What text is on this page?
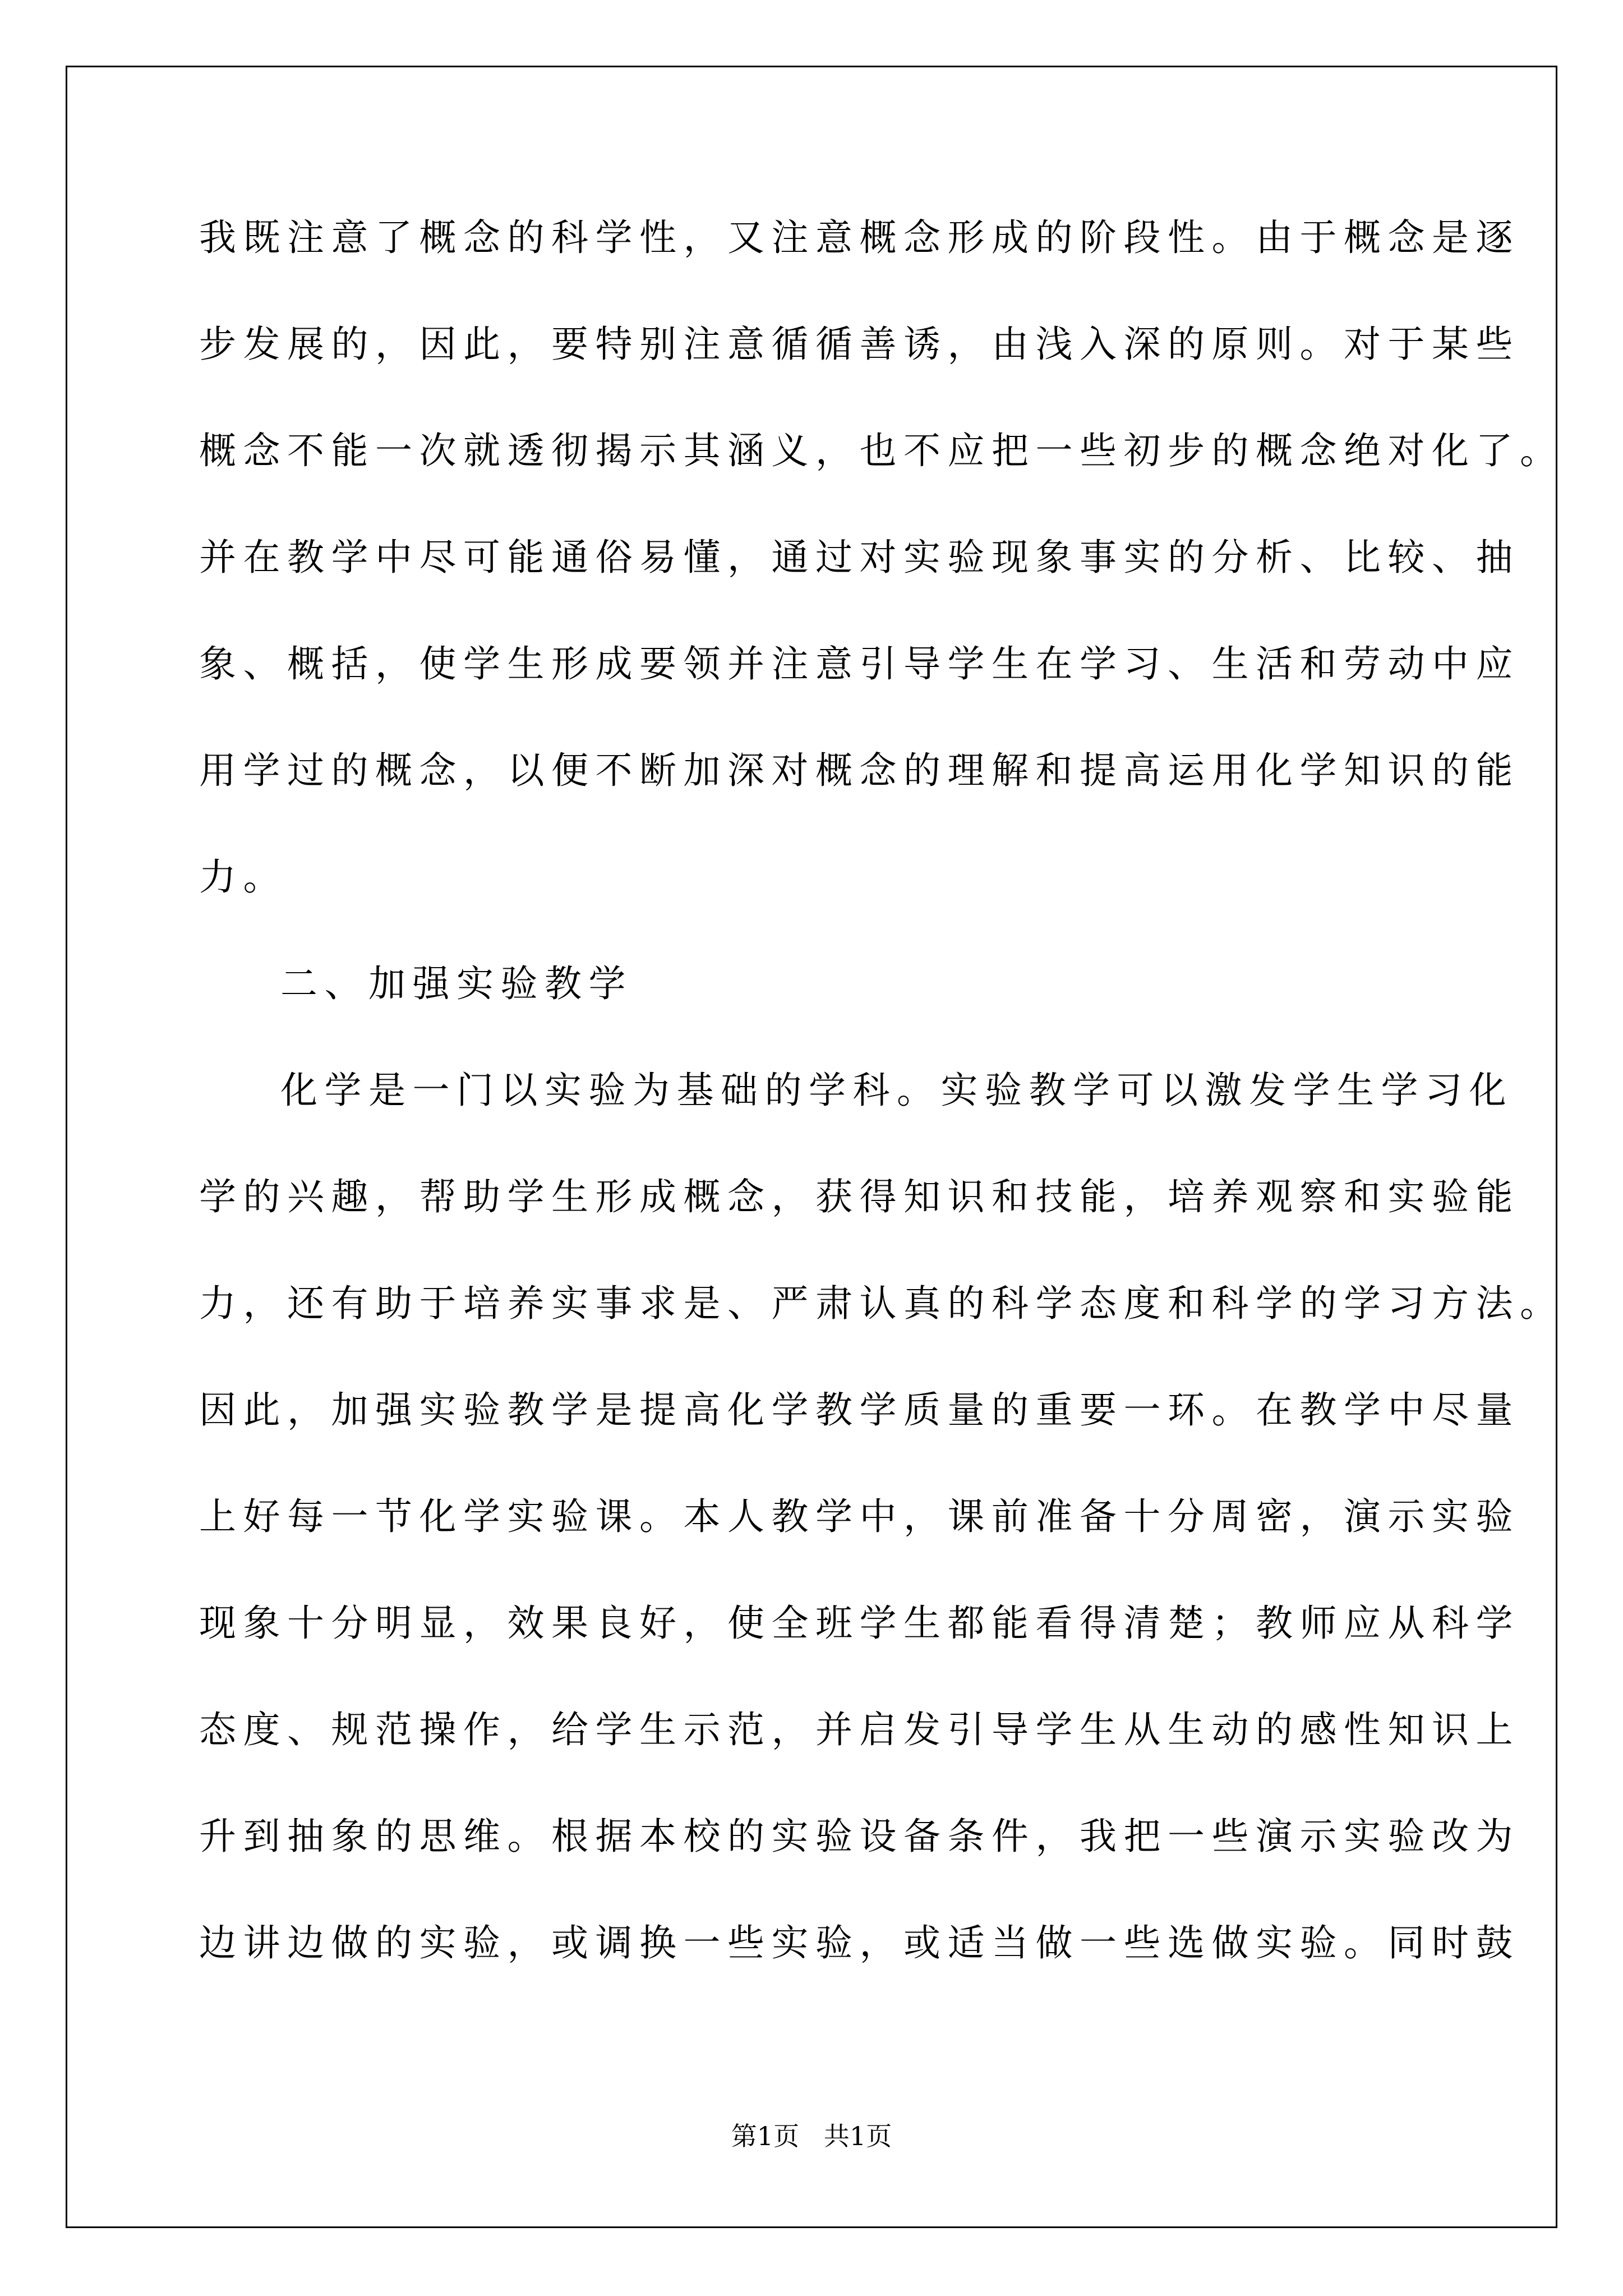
我既注意了概念的科学性，又注意概念形成的阶段性。由于概念是逐
步发展的，因此，要特别注意循循善诱，由浅入深的原则。对于某些
概念不能一次就透彻揭示其涵义，也不应把一些初步的概念绝对化了。
并在教学中尽可能通俗易懂，通过对实验现象事实的分析、比较、抽
象、概括，使学生形成要领并注意引导学生在学习、生活和劳动中应
用学过的概念，以便不断加深对概念的理解和提高运用化学知识的能
力。
二、加强实验教学
化学是一门以实验为基础的学科。实验教学可以激发学生学习化
学的兴趣，帮助学生形成概念，获得知识和技能，培养观察和实验能
力，还有助于培养实事求是、严肃认真的科学态度和科学的学习方法。
因此，加强实验教学是提高化学教学质量的重要一环。在教学中尽量
上好每一节化学实验课。本人教学中，课前准备十分周密，演示实验
现象十分明显，效果良好，使全班学生都能看得清楚；教师应从科学
态度、规范操作，给学生示范，并启发引导学生从生动的感性知识上
升到抽象的思维。根据本校的实验设备条件，我把一些演示实验改为
边讲边做的实验，或调换一些实验，或适当做一些选做实验。同时鼓
第1页   共1页
